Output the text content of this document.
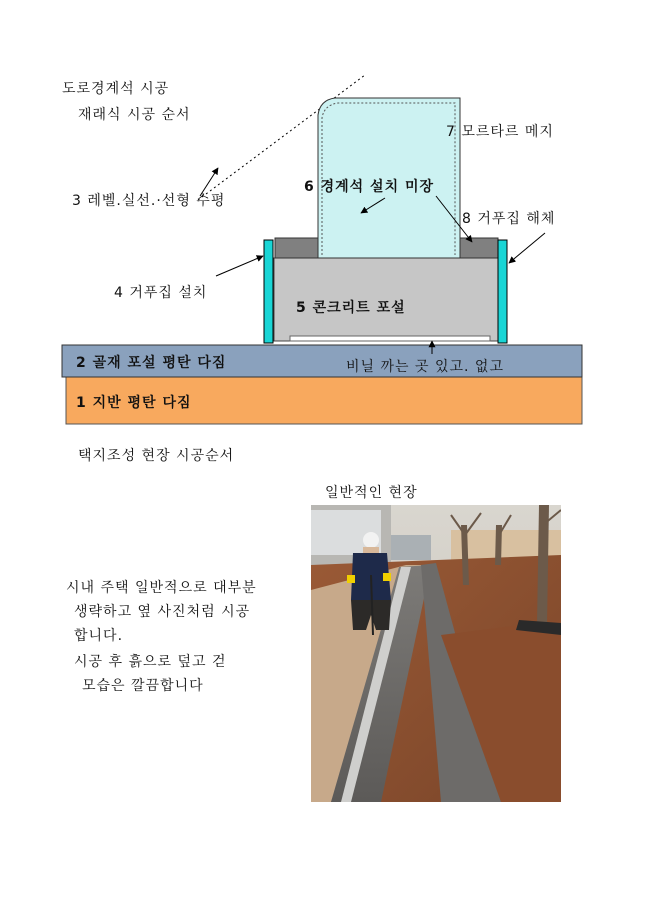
도로경계석 시공
재래식 시공 순서
3 레벨.실선.·선형 수평
6 경계석 설치 미장
7 모르타르 메지
8 거푸집 해체
4 거푸집 설치
5 콘크리트 포설
2 골재 포설 평탄 다짐	비닐 까는 곳 있고. 없고
1 지반 평탄 다짐
택지조성 현장 시공순서
일반적인 현장
시내 주택 일반적으로 대부분
생략하고 옆 사진처럼 시공
합니다.
시공 후 흙으로 덮고 걷
모습은 깔끔합니다
